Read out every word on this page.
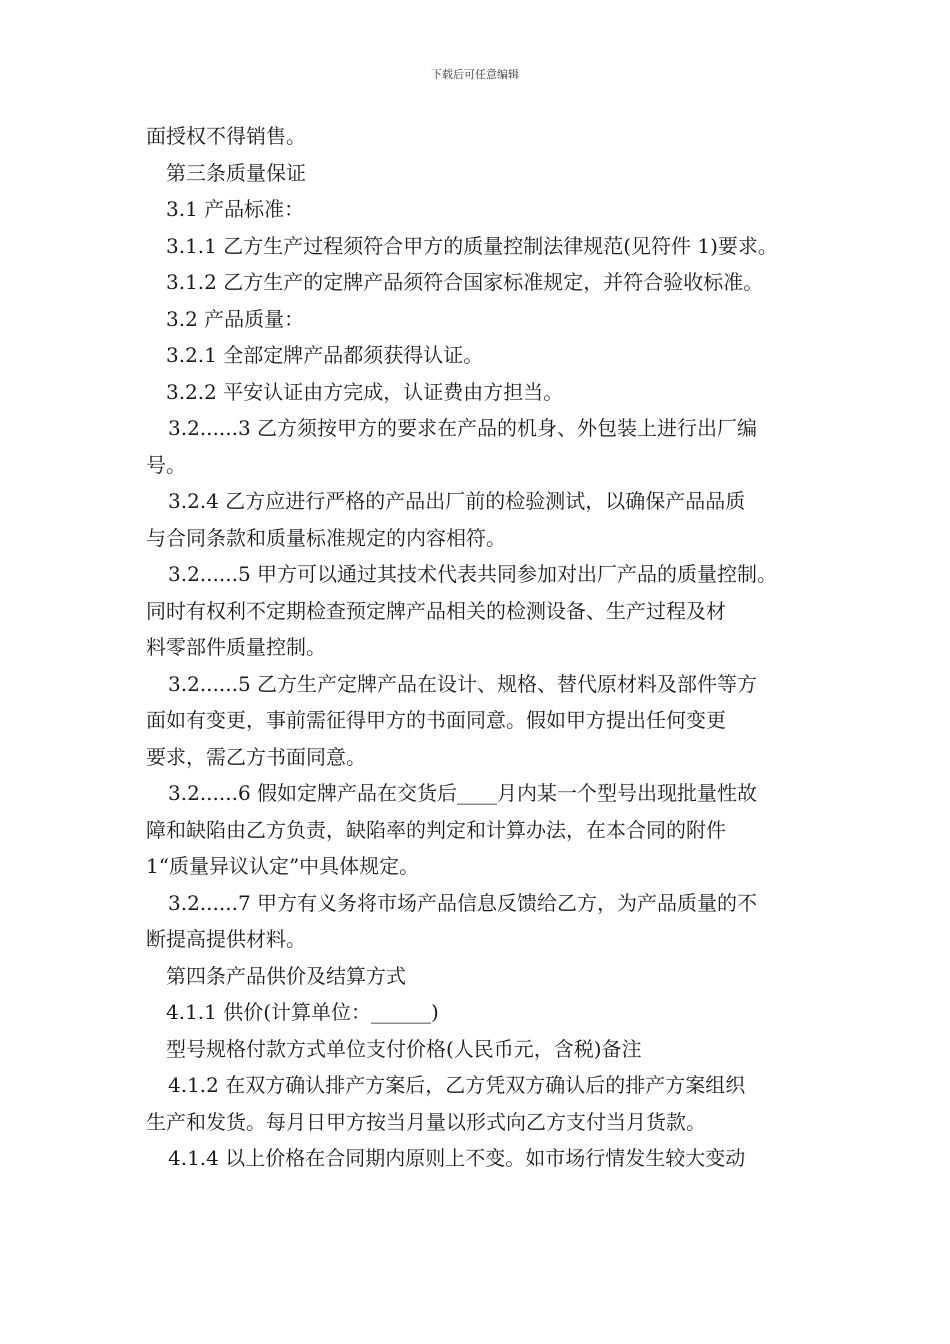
下载后可任意编辑
面授权不得销售。
第三条质量保证
3.1 产品标准：
3.1.1 乙方生产过程须符合甲方的质量控制法律规范(见符件 1)要求。
3.1.2 乙方生产的定牌产品须符合国家标准规定，并符合验收标准。
3.2 产品质量：
3.2.1 全部定牌产品都须获得认证。
3.2.2 平安认证由方完成，认证费由方担当。
3.2......3 乙方须按甲方的要求在产品的机身、外包装上进行出厂编
号。
3.2.4 乙方应进行严格的产品出厂前的检验测试，以确保产品品质
与合同条款和质量标准规定的内容相符。
3.2......5 甲方可以通过其技术代表共同参加对出厂产品的质量控制。
同时有权利不定期检查预定牌产品相关的检测设备、生产过程及材
料零部件质量控制。
3.2......5 乙方生产定牌产品在设计、规格、替代原材料及部件等方
面如有变更，事前需征得甲方的书面同意。假如甲方提出任何变更
要求，需乙方书面同意。
3.2......6 假如定牌产品在交货后____月内某一个型号出现批量性故
障和缺陷由乙方负责，缺陷率的判定和计算办法，在本合同的附件
1“质量异议认定”中具体规定。
3.2......7 甲方有义务将市场产品信息反馈给乙方，为产品质量的不
断提高提供材料。
第四条产品供价及结算方式
4.1.1 供价(计算单位：______)
型号规格付款方式单位支付价格(人民币元，含税)备注
4.1.2 在双方确认排产方案后，乙方凭双方确认后的排产方案组织
生产和发货。每月日甲方按当月量以形式向乙方支付当月货款。
4.1.4 以上价格在合同期内原则上不变。如市场行情发生较大变动
